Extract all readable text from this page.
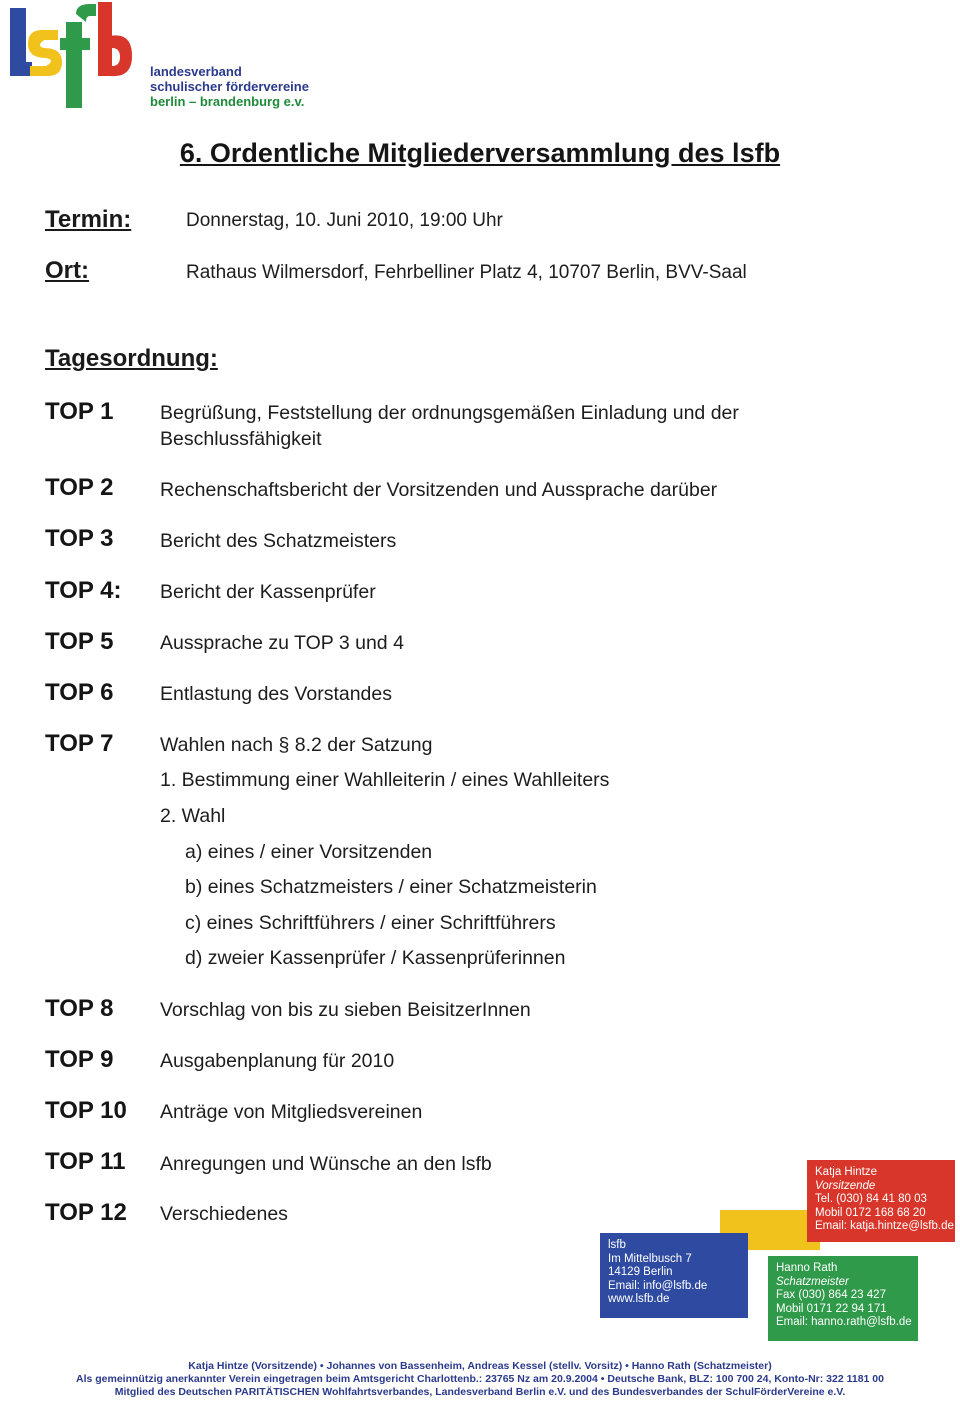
landesverband
schulischer fördervereine
berlin – brandenburg e.v.
6. Ordentliche Mitgliederversammlung des lsfb
Termin:	Donnerstag, 10. Juni 2010, 19:00 Uhr
Ort:	Rathaus Wilmersdorf, Fehrbelliner Platz 4, 10707 Berlin, BVV-Saal
Tagesordnung:
TOP 1 Begrüßung, Feststellung der ordnungsgemäßen Einladung und der
Beschlussfähigkeit
TOP 2 Rechenschaftsbericht der Vorsitzenden und Aussprache darüber
TOP 3 Bericht des Schatzmeisters
TOP 4: Bericht der Kassenprüfer
TOP 5 Aussprache zu TOP 3 und 4
TOP 6 Entlastung des Vorstandes
TOP 7 Wahlen nach § 8.2 der Satzung
1. Bestimmung einer Wahlleiterin / eines Wahlleiters
2. Wahl
a) eines / einer Vorsitzenden
b) eines Schatzmeisters / einer Schatzmeisterin
c) eines Schriftführers / einer Schriftführers
d) zweier Kassenprüfer / Kassenprüferinnen
TOP 8 Vorschlag von bis zu sieben BeisitzerInnen
TOP 9 Ausgabenplanung für 2010
TOP 10 Anträge von Mitgliedsvereinen
TOP 11 Anregungen und Wünsche an den lsfb
TOP 12 Verschiedenes
Katja Hintze
Vorsitzende
Tel. (030) 84 41 80 03
Mobil 0172 168 68 20
Email: katja.hintze@lsfb.de
lsfb
Im Mittelbusch 7
14129 Berlin
Email: info@lsfb.de
www.lsfb.de
Hanno Rath
Schatzmeister
Fax (030) 864 23 427
Mobil 0171 22 94 171
Email: hanno.rath@lsfb.de
Katja Hintze (Vorsitzende) • Johannes von Bassenheim, Andreas Kessel (stellv. Vorsitz) • Hanno Rath (Schatzmeister)
Als gemeinnützig anerkannter Verein eingetragen beim Amtsgericht Charlottenb.: 23765 Nz am 20.9.2004 • Deutsche Bank, BLZ: 100 700 24, Konto-Nr: 322 1181 00
Mitglied des Deutschen PARITÄTISCHEN Wohlfahrtsverbandes, Landesverband Berlin e.V. und des Bundesverbandes der SchulFörderVereine e.V.
